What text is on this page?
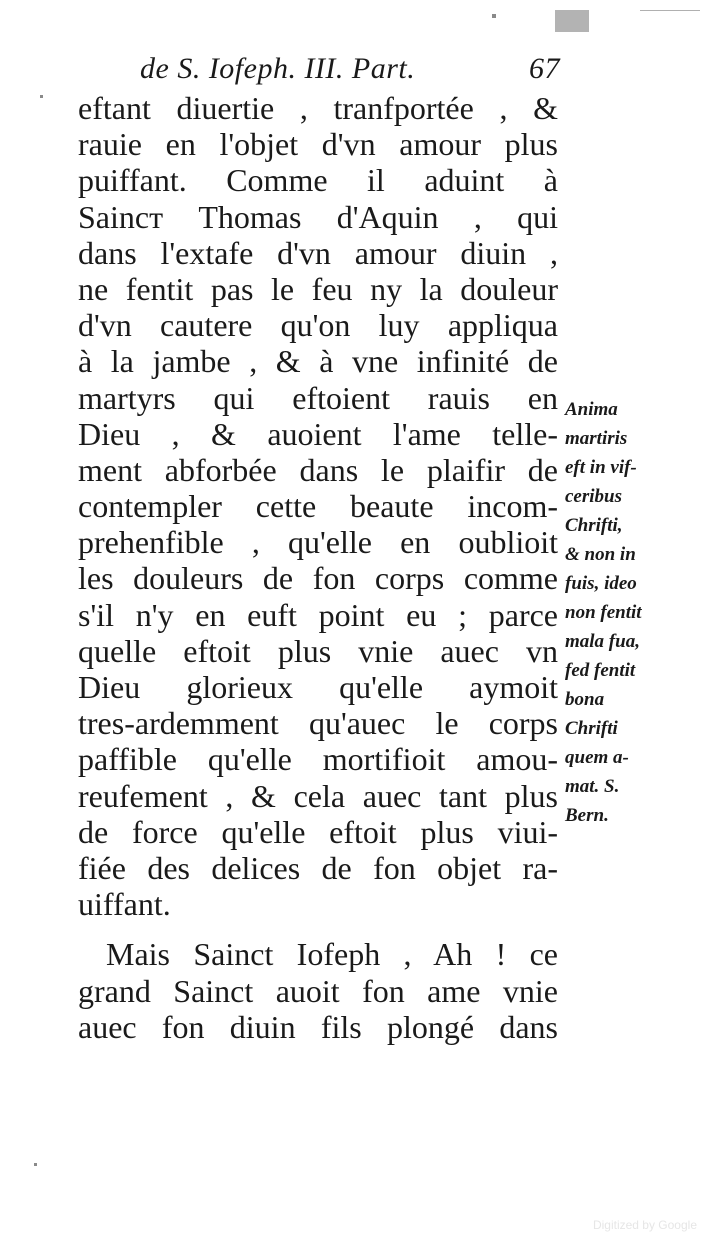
de S. Iofeph. III. Part.	67
eftant diuertie , tranfportée , &
rauie en l'objet d'vn amour plus
puiffant. Comme il aduint à
Saincт Thomas d'Aquin , qui
dans l'extafe d'vn amour diuin ,
ne fentit pas le feu ny la douleur
d'vn cautere qu'on luy appliqua
à la jambe , & à vne infinité de
martyrs qui eftoient rauis en
Dieu , & auoient l'ame telle-
ment abforbée dans le plaifir de
contempler cette beaute incom-
prehenfible , qu'elle en oublioit
les douleurs de fon corps comme
s'il n'y en euft point eu ; parce
quelle eftoit plus vnie auec vn
Dieu glorieux qu'elle aymoit
tres-ardemment qu'auec le corps
paffible qu'elle mortifioit amou-
reufement , & cela auec tant plus
de force qu'elle eftoit plus viui-
fiée des delices de fon objet ra-
uiffant.
Mais Sainct Iofeph , Ah ! ce
grand Sainct auoit fon ame vnie
auec fon diuin fils plongé dans
Anima
martiris
eft in vif-
ceribus
Chrifti,
& non in
fuis, ideo
non fentit
mala fua,
fed fentit
bona
Chrifti
quem a-
mat. S.
Bern.
Digitized by Google
